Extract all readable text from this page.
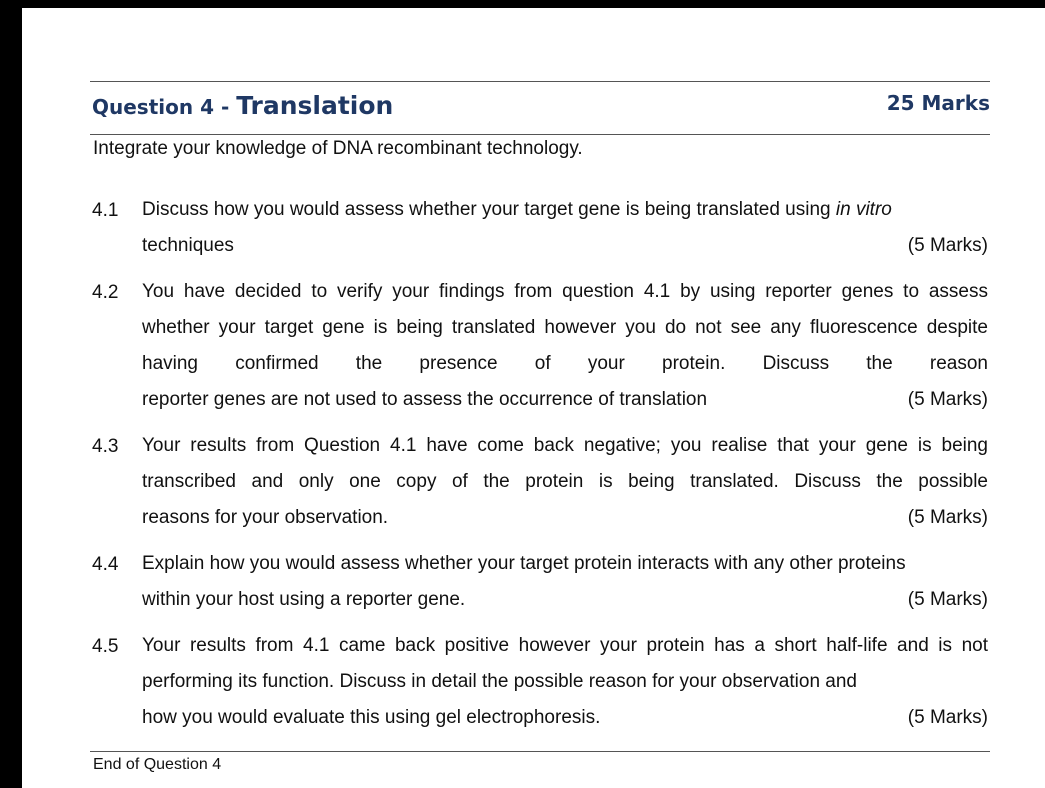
Question 4 - Translation	25 Marks
Integrate your knowledge of DNA recombinant technology.
4.1	Discuss how you would assess whether your target gene is being translated using in vitro
techniques	(5 Marks)
4.2	You have decided to verify your findings from question 4.1 by using reporter genes to assess whether your target gene is being translated however you do not see any fluorescence despite having confirmed the presence of your protein. Discuss the reason
reporter genes are not used to assess the occurrence of translation	(5 Marks)
4.3	Your results from Question 4.1 have come back negative; you realise that your gene is being transcribed and only one copy of the protein is being translated. Discuss the possible
reasons for your observation.	(5 Marks)
4.4	Explain how you would assess whether your target protein interacts with any other proteins
within your host using a reporter gene.	(5 Marks)
4.5	Your results from 4.1 came back positive however your protein has a short half-life and is not performing its function. Discuss in detail the possible reason for your observation and
how you would evaluate this using gel electrophoresis.	(5 Marks)
End of Question 4
